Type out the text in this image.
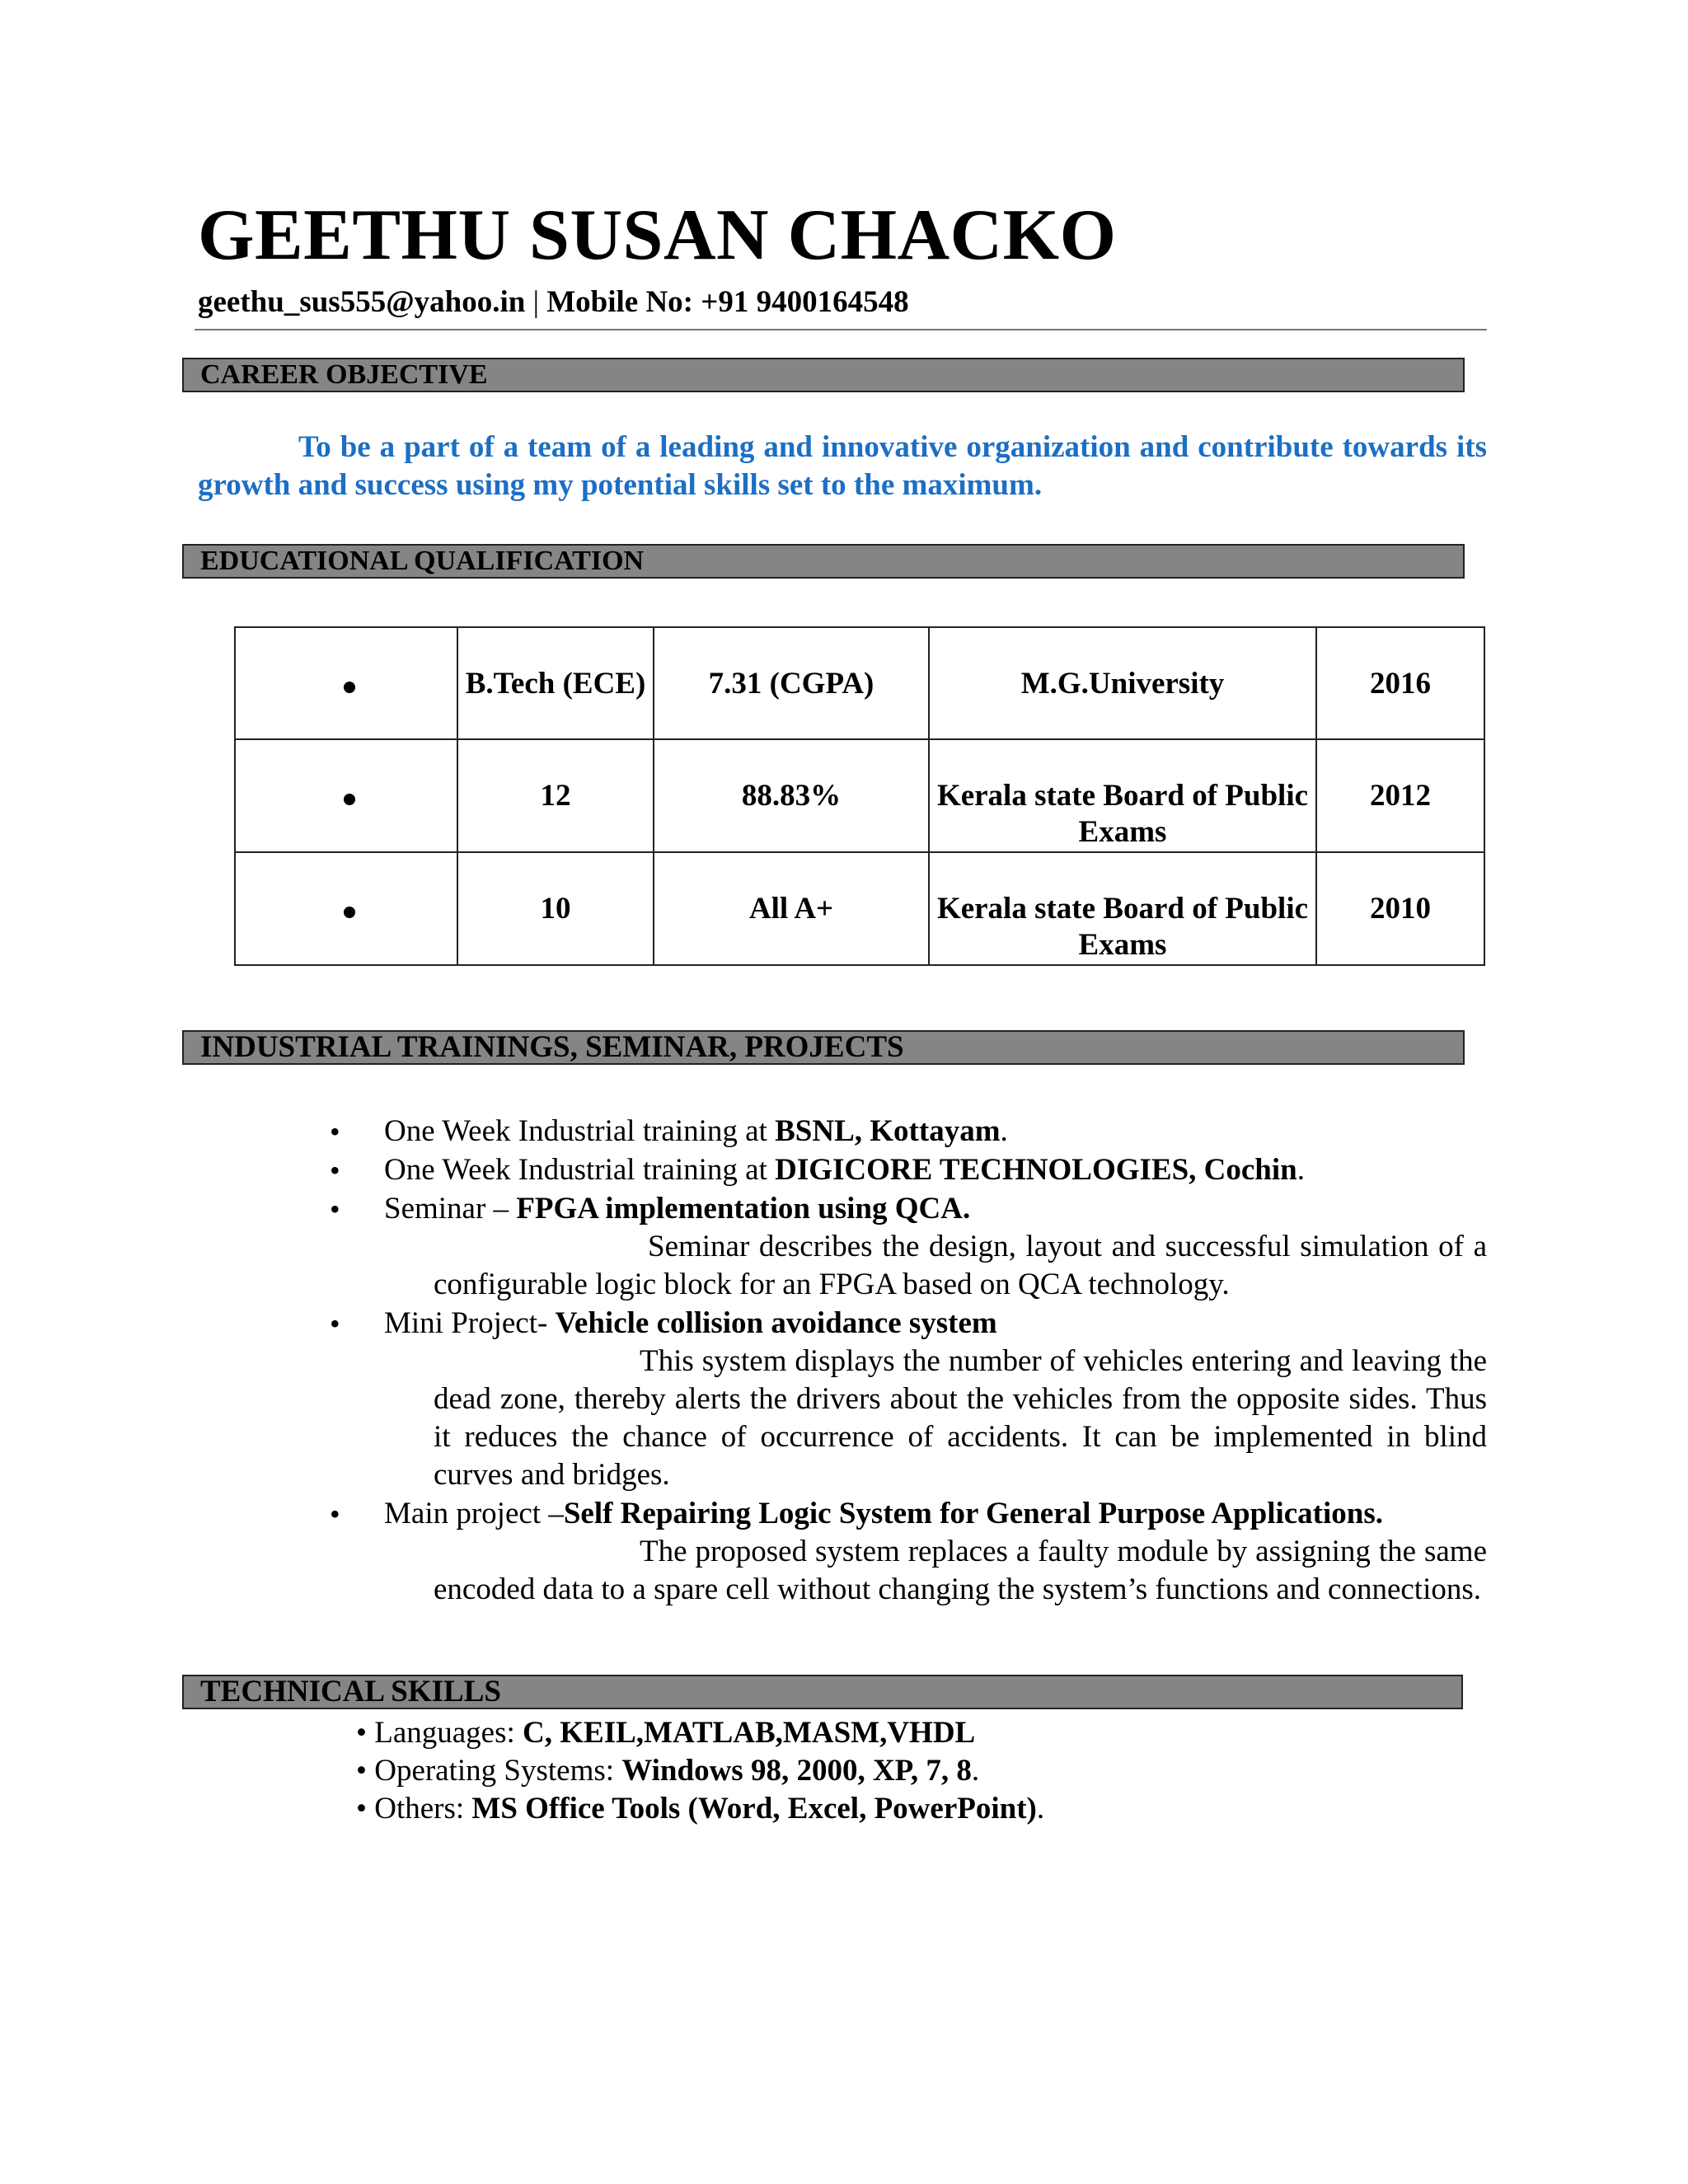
GEETHU SUSAN CHACKO
geethu_sus555@yahoo.in | Mobile No: +91 9400164548
CAREER OBJECTIVE
To be a part of a team of a leading and innovative organization and contribute towards its growth and success using my potential skills set to the maximum.
EDUCATIONAL QUALIFICATION
	B.Tech (ECE)	7.31 (CGPA)	M.G.University	2016
	12	88.83%	Kerala state Board of Public Exams	2012
	10	All A+	Kerala state Board of Public Exams	2010
INDUSTRIAL TRAININGS, SEMINAR, PROJECTS
• One Week Industrial training at BSNL, Kottayam.
• One Week Industrial training at DIGICORE TECHNOLOGIES, Cochin.
• Seminar – FPGA implementation using QCA.
Seminar describes the design, layout and successful simulation of a configurable logic block for an FPGA based on QCA technology.
• Mini Project- Vehicle collision avoidance system
This system displays the number of vehicles entering and leaving the dead zone, thereby alerts the drivers about the vehicles from the opposite sides. Thus it reduces the chance of occurrence of accidents. It can be implemented in blind curves and bridges.
• Main project –Self Repairing Logic System for General Purpose Applications.
The proposed system replaces a faulty module by assigning the same encoded data to a spare cell without changing the system’s functions and connections.
TECHNICAL SKILLS
• Languages: C, KEIL,MATLAB,MASM,VHDL
• Operating Systems: Windows 98, 2000, XP, 7, 8.
• Others: MS Office Tools (Word, Excel, PowerPoint).
